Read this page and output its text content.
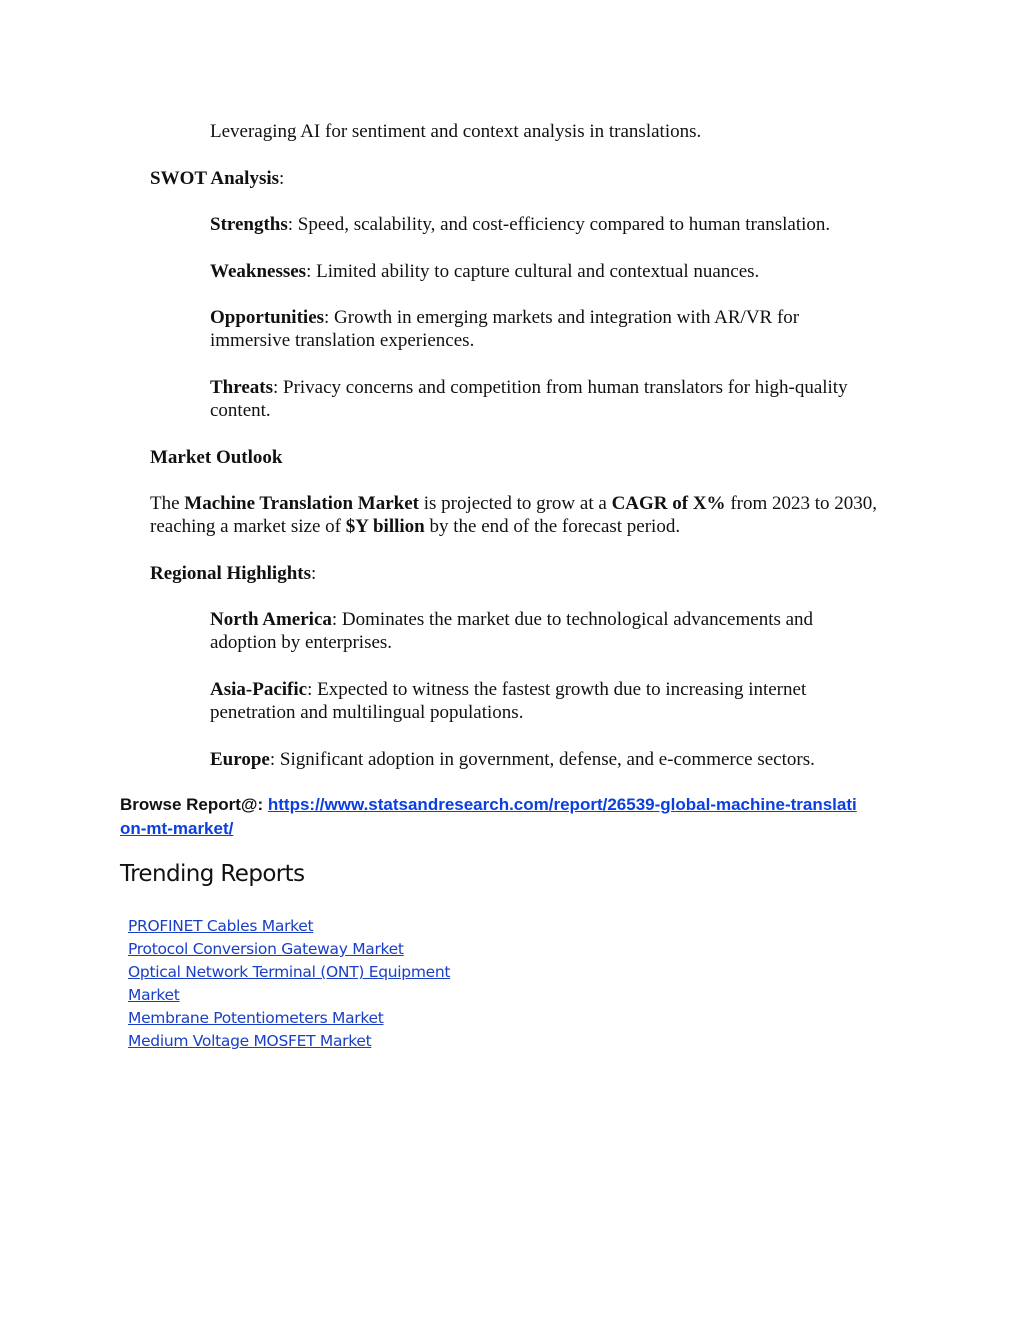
Leveraging AI for sentiment and context analysis in translations.

SWOT Analysis:

Strengths: Speed, scalability, and cost-efficiency compared to human translation.

Weaknesses: Limited ability to capture cultural and contextual nuances.

Opportunities: Growth in emerging markets and integration with AR/VR for immersive translation experiences.

Threats: Privacy concerns and competition from human translators for high-quality content.

Market Outlook

The Machine Translation Market is projected to grow at a CAGR of X% from 2023 to 2030, reaching a market size of $Y billion by the end of the forecast period.

Regional Highlights:

North America: Dominates the market due to technological advancements and adoption by enterprises.

Asia-Pacific: Expected to witness the fastest growth due to increasing internet penetration and multilingual populations.

Europe: Significant adoption in government, defense, and e-commerce sectors.

Browse Report@: https://www.statsandresearch.com/report/26539-global-machine-translation-mt-market/

Trending Reports
PROFINET Cables Market
Protocol Conversion Gateway Market
Optical Network Terminal (ONT) Equipment Market
Membrane Potentiometers Market
Medium Voltage MOSFET Market
